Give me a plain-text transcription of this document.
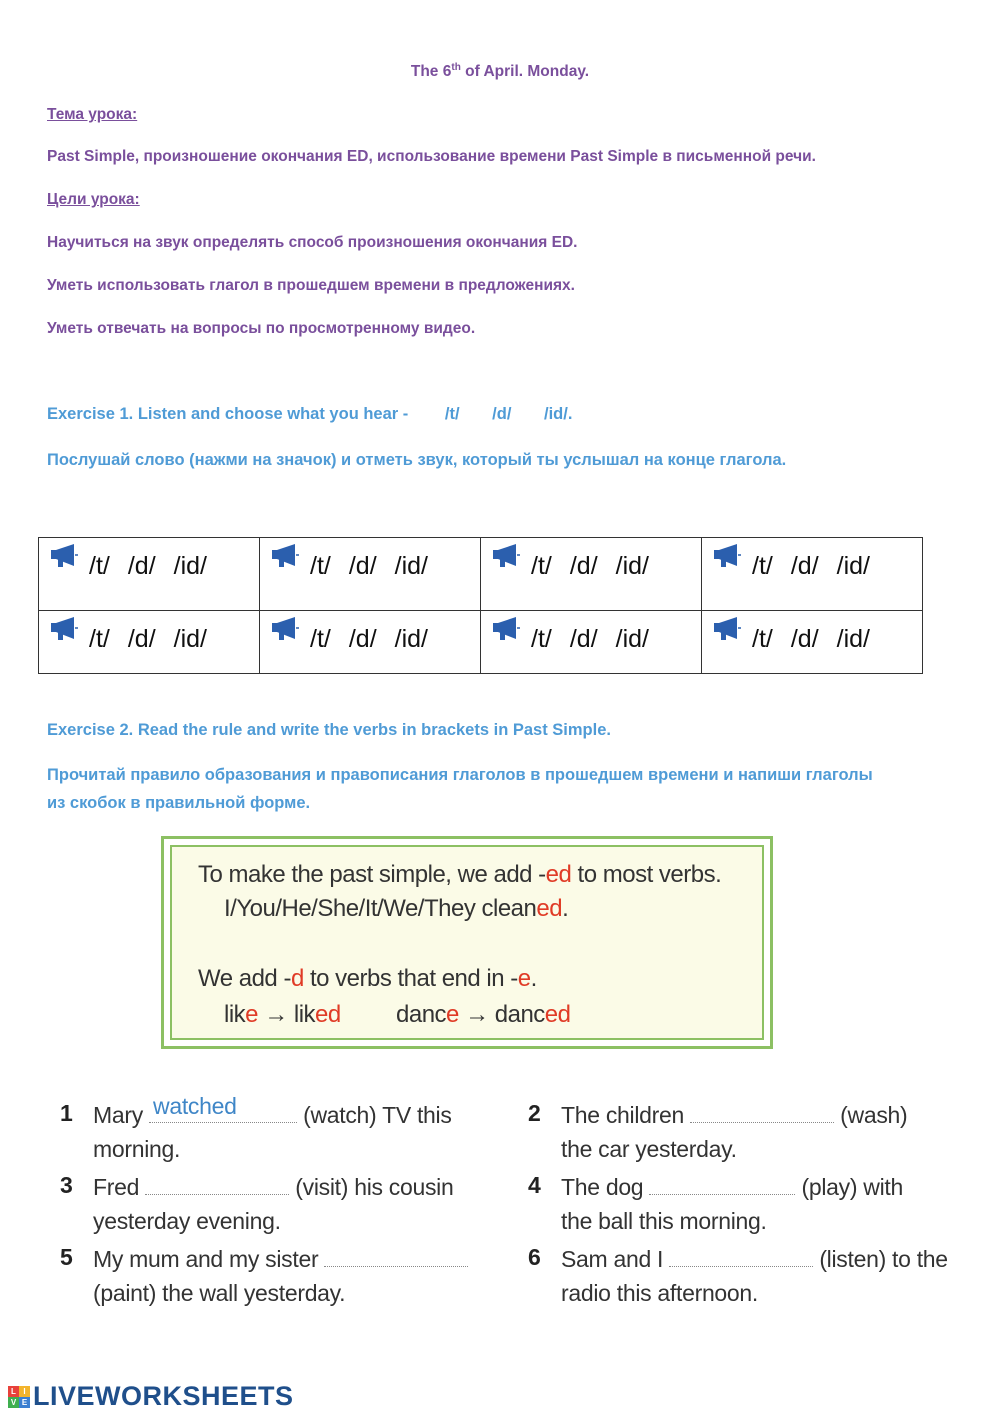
The 6th of April. Monday.
Тема урока:
Past Simple, произношение окончания ED, использование времени Past Simple в письменной речи.
Цели урока:
Научиться на звук определять способ произношения окончания ED.
Уметь использовать глагол в прошедшем времени в предложениях.
Уметь отвечать на вопросы по просмотренному видео.
Exercise 1. Listen and choose what you hear - /t/ /d/ /id/.
Послушай слово (нажми на значок) и отметь звук, который ты услышал на конце глагола.
/t/ /d/ /id/	/t/ /d/ /id/	/t/ /d/ /id/	/t/ /d/ /id/

/t/ /d/ /id/	/t/ /d/ /id/	/t/ /d/ /id/	/t/ /d/ /id/
Exercise 2. Read the rule and write the verbs in brackets in Past Simple.
Прочитай правило образования и правописания глаголов в прошедшем времени и напиши глаголы
из скобок в правильной форме.
To make the past simple, we add -ed to most verbs.
I/You/He/She/It/We/They cleaned.
We add -d to verbs that end in -e.
like → liked dance → danced
1 Mary watched	(watch) TV this
morning.
2 The children	(wash)
the car yesterday.
3 Fred	(visit) his cousin
yesterday evening.
4 The dog	(play) with
the ball this morning.
5 My mum and my sister
(paint) the wall yesterday.
6 Sam and I	(listen) to the
radio this afternoon.
L I
V E LIVEWORKSHEETS
